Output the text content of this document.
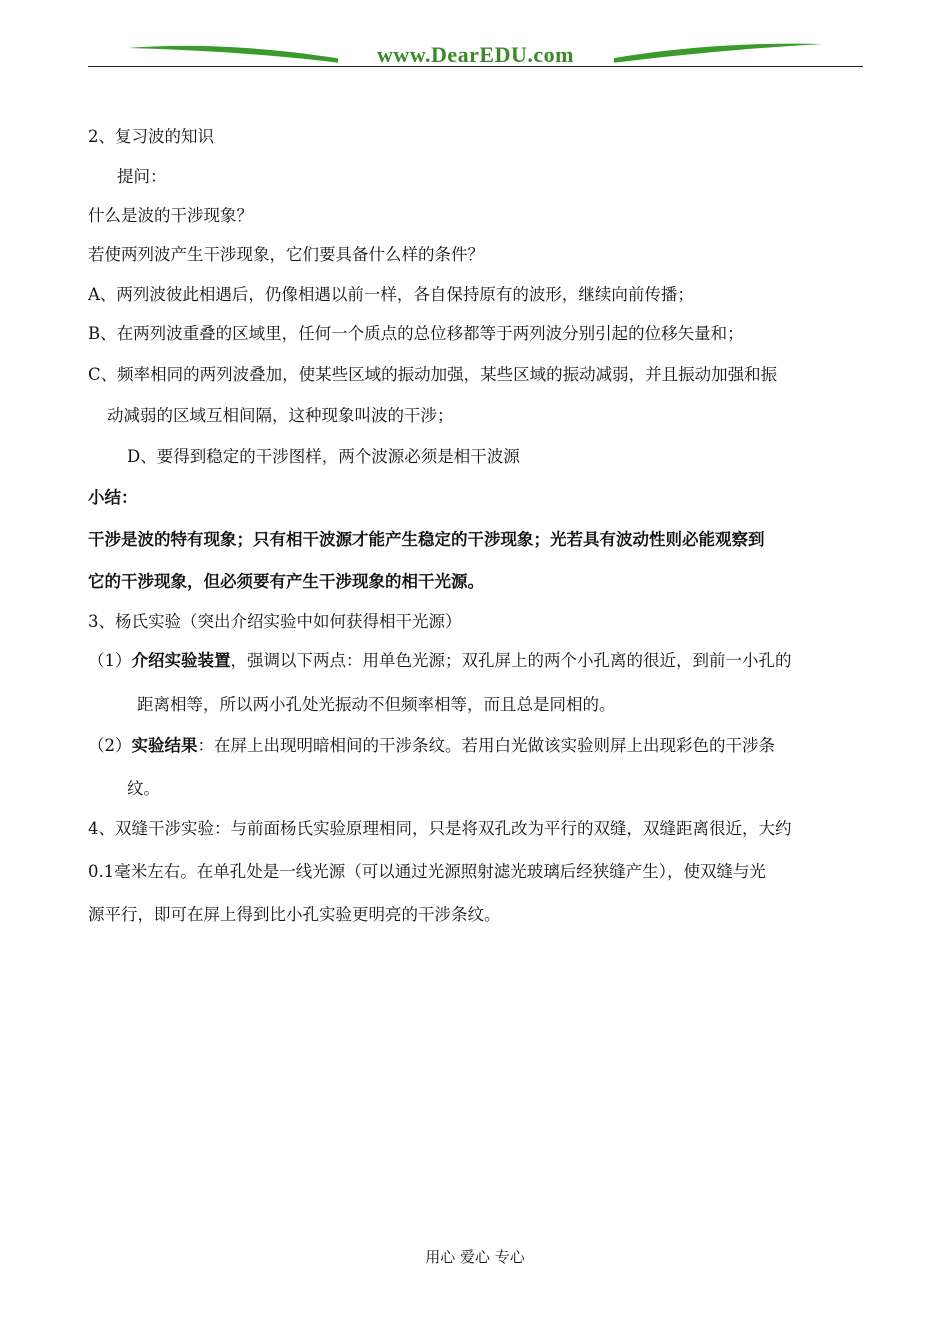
www.DearEDU.com
2、复习波的知识
提问：
什么是波的干涉现象？
若使两列波产生干涉现象，它们要具备什么样的条件？
A、两列波彼此相遇后，仍像相遇以前一样，各自保持原有的波形，继续向前传播；
B、在两列波重叠的区域里，任何一个质点的总位移都等于两列波分别引起的位移矢量和；
C、频率相同的两列波叠加，使某些区域的振动加强，某些区域的振动减弱，并且振动加强和振
动减弱的区域互相间隔，这种现象叫波的干涉；
D、要得到稳定的干涉图样，两个波源必须是相干波源
小结：
干涉是波的特有现象；只有相干波源才能产生稳定的干涉现象；光若具有波动性则必能观察到
它的干涉现象，但必须要有产生干涉现象的相干光源。
3、杨氏实验（突出介绍实验中如何获得相干光源）
（1）介绍实验装置，强调以下两点：用单色光源；双孔屏上的两个小孔离的很近，到前一小孔的
距离相等，所以两小孔处光振动不但频率相等，而且总是同相的。
（2）实验结果：在屏上出现明暗相间的干涉条纹。若用白光做该实验则屏上出现彩色的干涉条
纹。
4、双缝干涉实验：与前面杨氏实验原理相同，只是将双孔改为平行的双缝，双缝距离很近，大约
0.1毫米左右。在单孔处是一线光源（可以通过光源照射滤光玻璃后经狭缝产生），使双缝与光
源平行，即可在屏上得到比小孔实验更明亮的干涉条纹。
用心 爱心 专心
